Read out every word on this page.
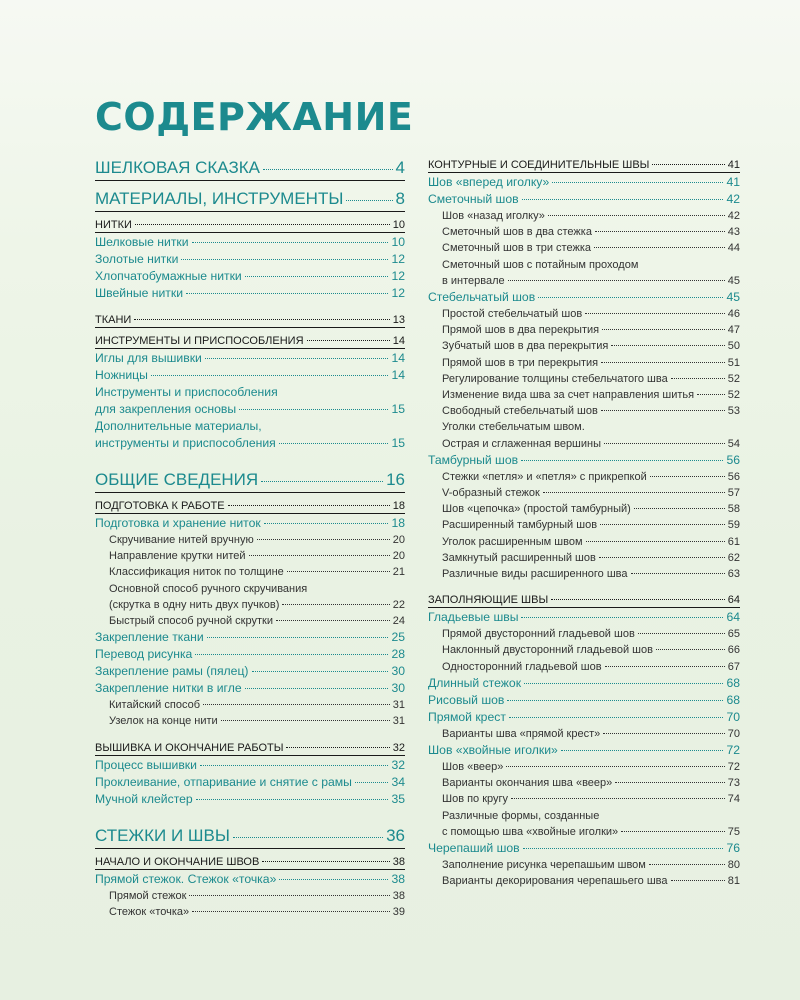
СОДЕРЖАНИЕ
ШЕЛКОВАЯ СКАЗКА	4
МАТЕРИАЛЫ, ИНСТРУМЕНТЫ	8
НИТКИ	10
Шелковые нитки	10
Золотые нитки	12
Хлопчатобумажные нитки	12
Швейные нитки	12
ТКАНИ	13
ИНСТРУМЕНТЫ И ПРИСПОСОБЛЕНИЯ	14
Иглы для вышивки	14
Ножницы	14
Инструменты и приспособления
для закрепления основы	15
Дополнительные материалы,
инструменты и приспособления	15
ОБЩИЕ СВЕДЕНИЯ	16
ПОДГОТОВКА К РАБОТЕ	18
Подготовка и хранение ниток	18
Скручивание нитей вручную	20
Направление крутки нитей	20
Классификация ниток по толщине	21
Основной способ ручного скручивания
(скрутка в одну нить двух пучков)	22
Быстрый способ ручной скрутки	24
Закрепление ткани	25
Перевод рисунка	28
Закрепление рамы (пялец)	30
Закрепление нитки в игле	30
Китайский способ	31
Узелок на конце нити	31
ВЫШИВКА И ОКОНЧАНИЕ РАБОТЫ	32
Процесс вышивки	32
Проклеивание, отпаривание и снятие с рамы	34
Мучной клейстер	35
СТЕЖКИ И ШВЫ	36
НАЧАЛО И ОКОНЧАНИЕ ШВОВ	38
Прямой стежок. Стежок «точка»	38
Прямой стежок	38
Стежок «точка»	39
КОНТУРНЫЕ И СОЕДИНИТЕЛЬНЫЕ ШВЫ	41
Шов «вперед иголку»	41
Сметочный шов	42
Шов «назад иголку»	42
Сметочный шов в два стежка	43
Сметочный шов в три стежка	44
Сметочный шов с потайным проходом
в интервале	45
Стебельчатый шов	45
Простой стебельчатый шов	46
Прямой шов в два перекрытия	47
Зубчатый шов в два перекрытия	50
Прямой шов в три перекрытия	51
Регулирование толщины стебельчатого шва	52
Изменение вида шва за счет направления шитья	52
Свободный стебельчатый шов	53
Уголки стебельчатым швом.
Острая и сглаженная вершины	54
Тамбурный шов	56
Стежки «петля» и «петля» с прикрепкой	56
V-образный стежок	57
Шов «цепочка» (простой тамбурный)	58
Расширенный тамбурный шов	59
Уголок расширенным швом	61
Замкнутый расширенный шов	62
Различные виды расширенного шва	63
ЗАПОЛНЯЮЩИЕ ШВЫ	64
Гладьевые швы	64
Прямой двусторонний гладьевой шов	65
Наклонный двусторонний гладьевой шов	66
Односторонний гладьевой шов	67
Длинный стежок	68
Рисовый шов	68
Прямой крест	70
Варианты шва «прямой крест»	70
Шов «хвойные иголки»	72
Шов «веер»	72
Варианты окончания шва «веер»	73
Шов по кругу	74
Различные формы, созданные
с помощью шва «хвойные иголки»	75
Черепаший шов	76
Заполнение рисунка черепашьим швом	80
Варианты декорирования черепашьего шва	81
